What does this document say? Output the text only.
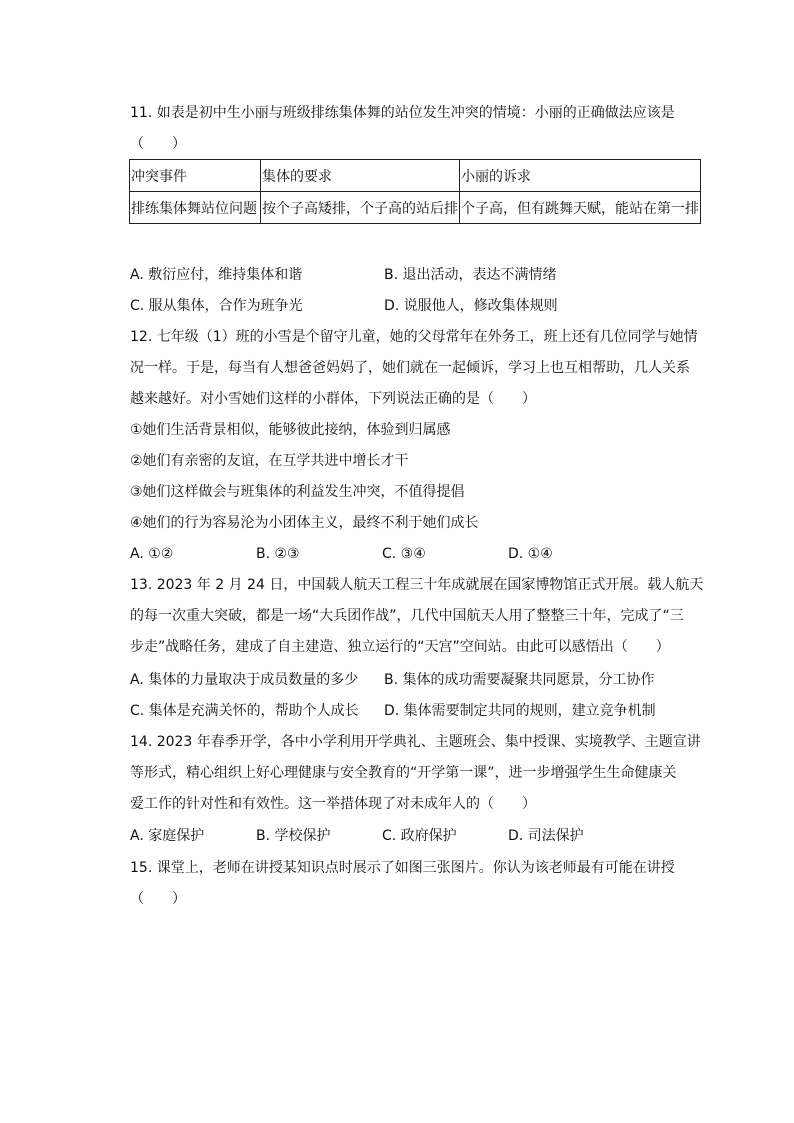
11. 如表是初中生小丽与班级排练集体舞的站位发生冲突的情境：小丽的正确做法应该是
（　　）
冲突事件	集体的要求	小丽的诉求
排练集体舞站位问题	按个子高矮排，个子高的站后排	个子高，但有跳舞天赋，能站在第一排
A. 敷衍应付，维持集体和谐	B. 退出活动，表达不满情绪
C. 服从集体，合作为班争光	D. 说服他人，修改集体规则
12. 七年级（1）班的小雪是个留守儿童，她的父母常年在外务工，班上还有几位同学与她情
况一样。于是，每当有人想爸爸妈妈了，她们就在一起倾诉，学习上也互相帮助，几人关系
越来越好。对小雪她们这样的小群体，下列说法正确的是（　　）
①她们生活背景相似，能够彼此接纳，体验到归属感
②她们有亲密的友谊，在互学共进中增长才干
③她们这样做会与班集体的利益发生冲突，不值得提倡
④她们的行为容易沦为小团体主义，最终不利于她们成长
A. ①②	B. ②③	C. ③④	D. ①④
13. 2023 年 2 月 24 日，中国载人航天工程三十年成就展在国家博物馆正式开展。载人航天
的每一次重大突破，都是一场“大兵团作战”，几代中国航天人用了整整三十年，完成了“三
步走”战略任务，建成了自主建造、独立运行的“天宫”空间站。由此可以感悟出（　　）
A. 集体的力量取决于成员数量的多少 B. 集体的成功需要凝聚共同愿景，分工协作
C. 集体是充满关怀的，帮助个人成长 D. 集体需要制定共同的规则，建立竞争机制
14. 2023 年春季开学，各中小学利用开学典礼、主题班会、集中授课、实境教学、主题宣讲
等形式，精心组织上好心理健康与安全教育的“开学第一课”，进一步增强学生生命健康关
爱工作的针对性和有效性。这一举措体现了对未成年人的（　　）
A. 家庭保护	B. 学校保护	C. 政府保护	D. 司法保护
15. 课堂上，老师在讲授某知识点时展示了如图三张图片。你认为该老师最有可能在讲授
（　　）
